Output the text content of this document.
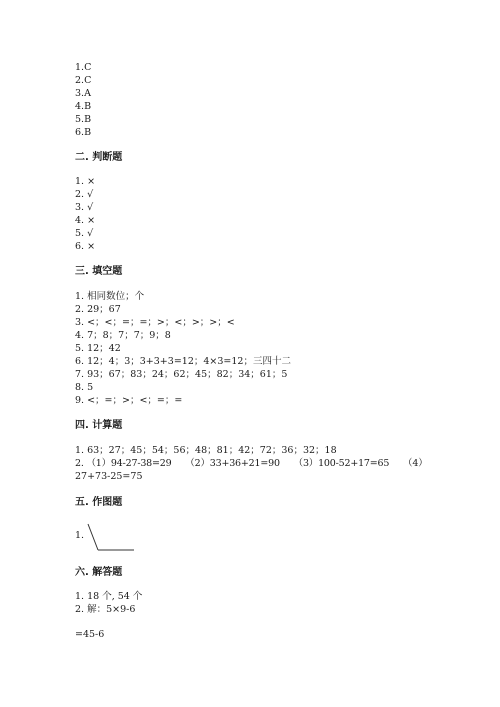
1.C
2.C
3.A
4.B
5.B
6.B
二. 判断题
1. ×
2. √
3. √
4. ×
5. √
6. ×
三. 填空题
1. 相同数位；个
2. 29；67
3. <；<；=；=；>；<；>；>；<
4. 7；8；7；7；9；8
5. 12；42
6. 12；4；3；3+3+3=12；4×3=12；三四十二
7. 93；67；83；24；62；45；82；34；61；5
8. 5
9. <；=；>；<；=；=
四. 计算题
1. 63；27；45；54；56；48；81；42；72；36；32；18
2. （1）94-27-38=29　　（2）33+36+21=90　　（3）100-52+17=65　　（4）
27+73-25=75
五. 作图题
1.
六. 解答题
1. 18 个, 54 个
2. 解：5×9-6
=45-6
